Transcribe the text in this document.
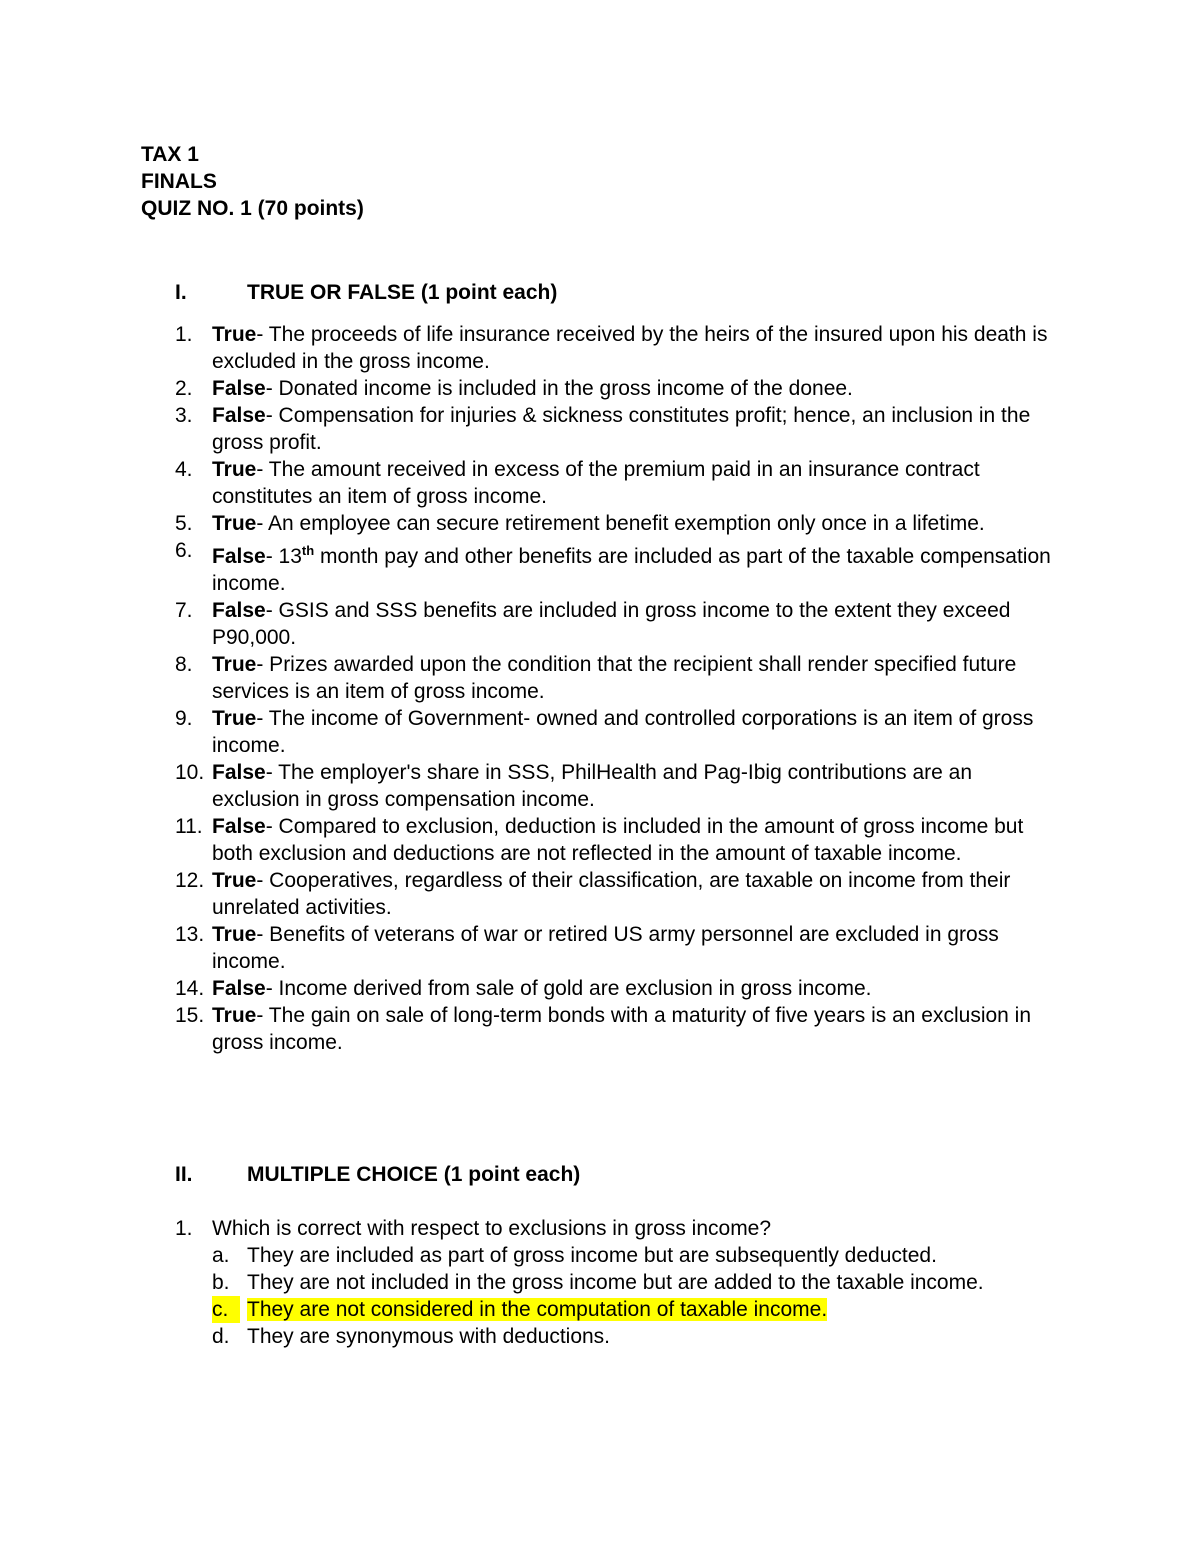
TAX 1
FINALS
QUIZ NO. 1 (70 points)
I.	TRUE OR FALSE (1 point each)
1. True- The proceeds of life insurance received by the heirs of the insured upon his death is excluded in the gross income.
2. False- Donated income is included in the gross income of the donee.
3. False- Compensation for injuries & sickness constitutes profit; hence, an inclusion in the gross profit.
4. True- The amount received in excess of the premium paid in an insurance contract constitutes an item of gross income.
5. True- An employee can secure retirement benefit exemption only once in a lifetime.
6. False- 13th month pay and other benefits are included as part of the taxable compensation income.
7. False- GSIS and SSS benefits are included in gross income to the extent they exceed P90,000.
8. True- Prizes awarded upon the condition that the recipient shall render specified future services is an item of gross income.
9. True- The income of Government- owned and controlled corporations is an item of gross income.
10. False- The employer's share in SSS, PhilHealth and Pag-Ibig contributions are an exclusion in gross compensation income.
11. False- Compared to exclusion, deduction is included in the amount of gross income but both exclusion and deductions are not reflected in the amount of taxable income.
12. True- Cooperatives, regardless of their classification, are taxable on income from their unrelated activities.
13. True- Benefits of veterans of war or retired US army personnel are excluded in gross income.
14. False- Income derived from sale of gold are exclusion in gross income.
15. True- The gain on sale of long-term bonds with a maturity of five years is an exclusion in gross income.
II.	MULTIPLE CHOICE (1 point each)
1. Which is correct with respect to exclusions in gross income?
a. They are included as part of gross income but are subsequently deducted.
b. They are not included in the gross income but are added to the taxable income.
c. They are not considered in the computation of taxable income.
d. They are synonymous with deductions.
